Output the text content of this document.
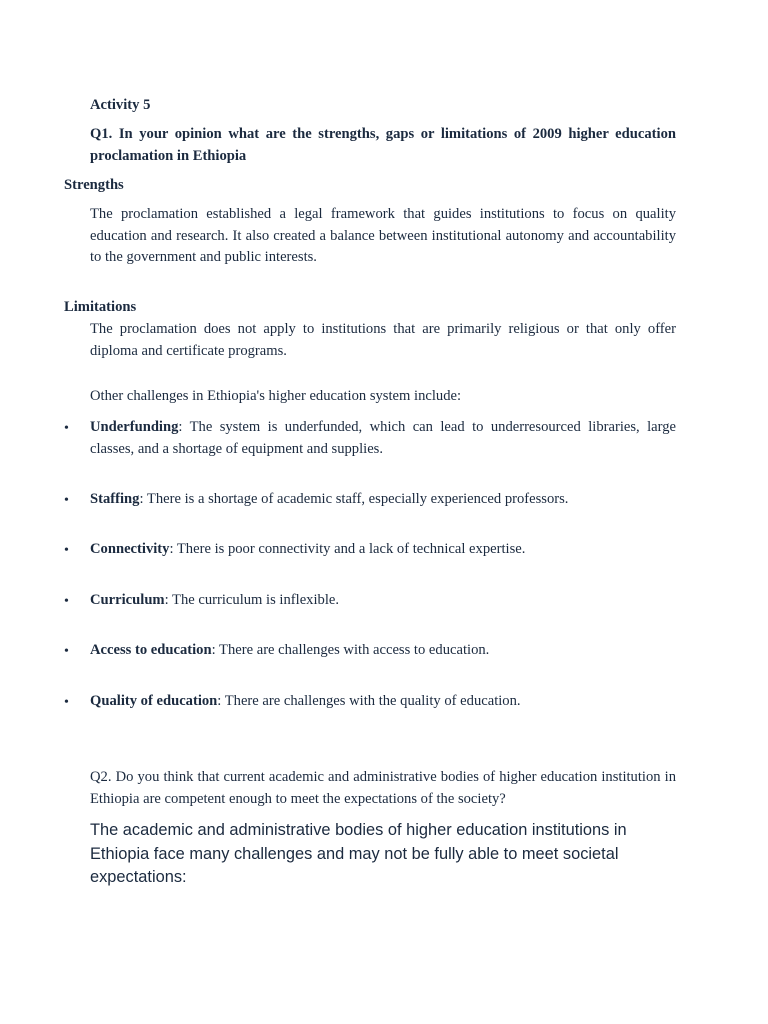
Activity 5
Q1. In your opinion what are the strengths, gaps or limitations of 2009 higher education proclamation in Ethiopia
Strengths
The proclamation established a legal framework that guides institutions to focus on quality education and research. It also created a balance between institutional autonomy and accountability to the government and public interests.
Limitations
The proclamation does not apply to institutions that are primarily religious or that only offer diploma and certificate programs.
Other challenges in Ethiopia's higher education system include:
•	Underfunding: The system is underfunded, which can lead to underresourced libraries, large classes, and a shortage of equipment and supplies.
•	Staffing: There is a shortage of academic staff, especially experienced professors.
•	Connectivity: There is poor connectivity and a lack of technical expertise.
•	Curriculum: The curriculum is inflexible.
•	Access to education: There are challenges with access to education.
•	Quality of education: There are challenges with the quality of education.
Q2. Do you think that current academic and administrative bodies of higher education institution in Ethiopia are competent enough to meet the expectations of the society?
The academic and administrative bodies of higher education institutions in Ethiopia face many challenges and may not be fully able to meet societal expectations:
